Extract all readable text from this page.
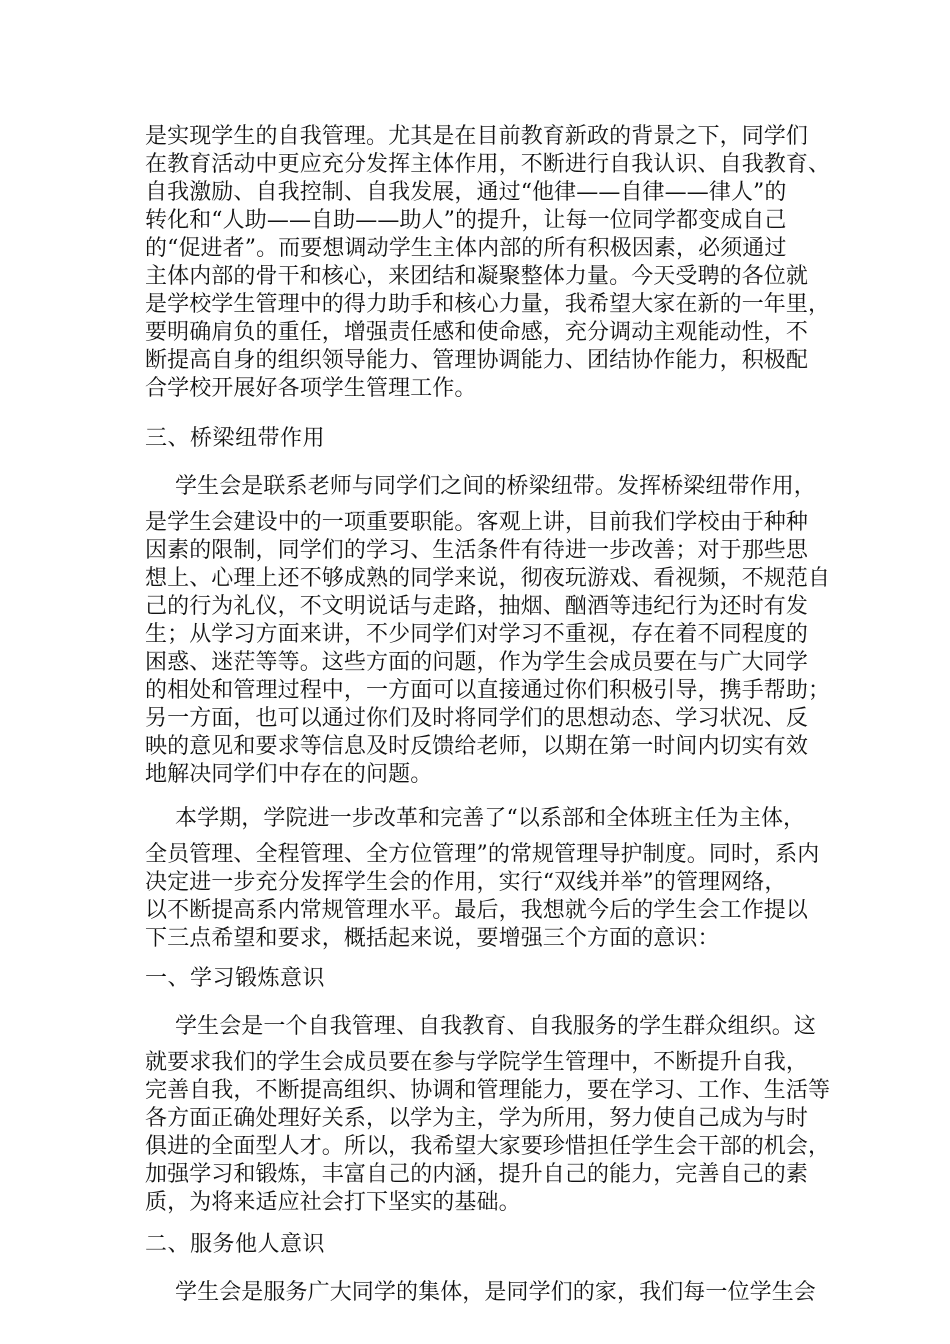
是实现学生的自我管理。尤其是在目前教育新政的背景之下，同学们
在教育活动中更应充分发挥主体作用，不断进行自我认识、自我教育、
自我激励、自我控制、自我发展，通过“他律——自律——律人”的
转化和“人助——自助——助人”的提升，让每一位同学都变成自己
的“促进者”。而要想调动学生主体内部的所有积极因素，必须通过
主体内部的骨干和核心，来团结和凝聚整体力量。今天受聘的各位就
是学校学生管理中的得力助手和核心力量，我希望大家在新的一年里，
要明确肩负的重任，增强责任感和使命感，充分调动主观能动性，不
断提高自身的组织领导能力、管理协调能力、团结协作能力，积极配
合学校开展好各项学生管理工作。
三、桥梁纽带作用
学生会是联系老师与同学们之间的桥梁纽带。发挥桥梁纽带作用，
是学生会建设中的一项重要职能。客观上讲，目前我们学校由于种种
因素的限制，同学们的学习、生活条件有待进一步改善；对于那些思
想上、心理上还不够成熟的同学来说，彻夜玩游戏、看视频，不规范自
己的行为礼仪，不文明说话与走路，抽烟、酗酒等违纪行为还时有发
生；从学习方面来讲，不少同学们对学习不重视，存在着不同程度的
困惑、迷茫等等。这些方面的问题，作为学生会成员要在与广大同学
的相处和管理过程中，一方面可以直接通过你们积极引导，携手帮助；
另一方面，也可以通过你们及时将同学们的思想动态、学习状况、反
映的意见和要求等信息及时反馈给老师，以期在第一时间内切实有效
地解决同学们中存在的问题。
本学期，学院进一步改革和完善了“以系部和全体班主任为主体，
全员管理、全程管理、全方位管理”的常规管理导护制度。同时，系内
决定进一步充分发挥学生会的作用，实行“双线并举”的管理网络，
以不断提高系内常规管理水平。最后，我想就今后的学生会工作提以
下三点希望和要求，概括起来说，要增强三个方面的意识：
一、学习锻炼意识
学生会是一个自我管理、自我教育、自我服务的学生群众组织。这
就要求我们的学生会成员要在参与学院学生管理中，不断提升自我，
完善自我，不断提高组织、协调和管理能力，要在学习、工作、生活等
各方面正确处理好关系，以学为主，学为所用，努力使自己成为与时
俱进的全面型人才。所以，我希望大家要珍惜担任学生会干部的机会，
加强学习和锻炼，丰富自己的内涵，提升自己的能力，完善自己的素
质，为将来适应社会打下坚实的基础。
二、服务他人意识
学生会是服务广大同学的集体，是同学们的家，我们每一位学生会
